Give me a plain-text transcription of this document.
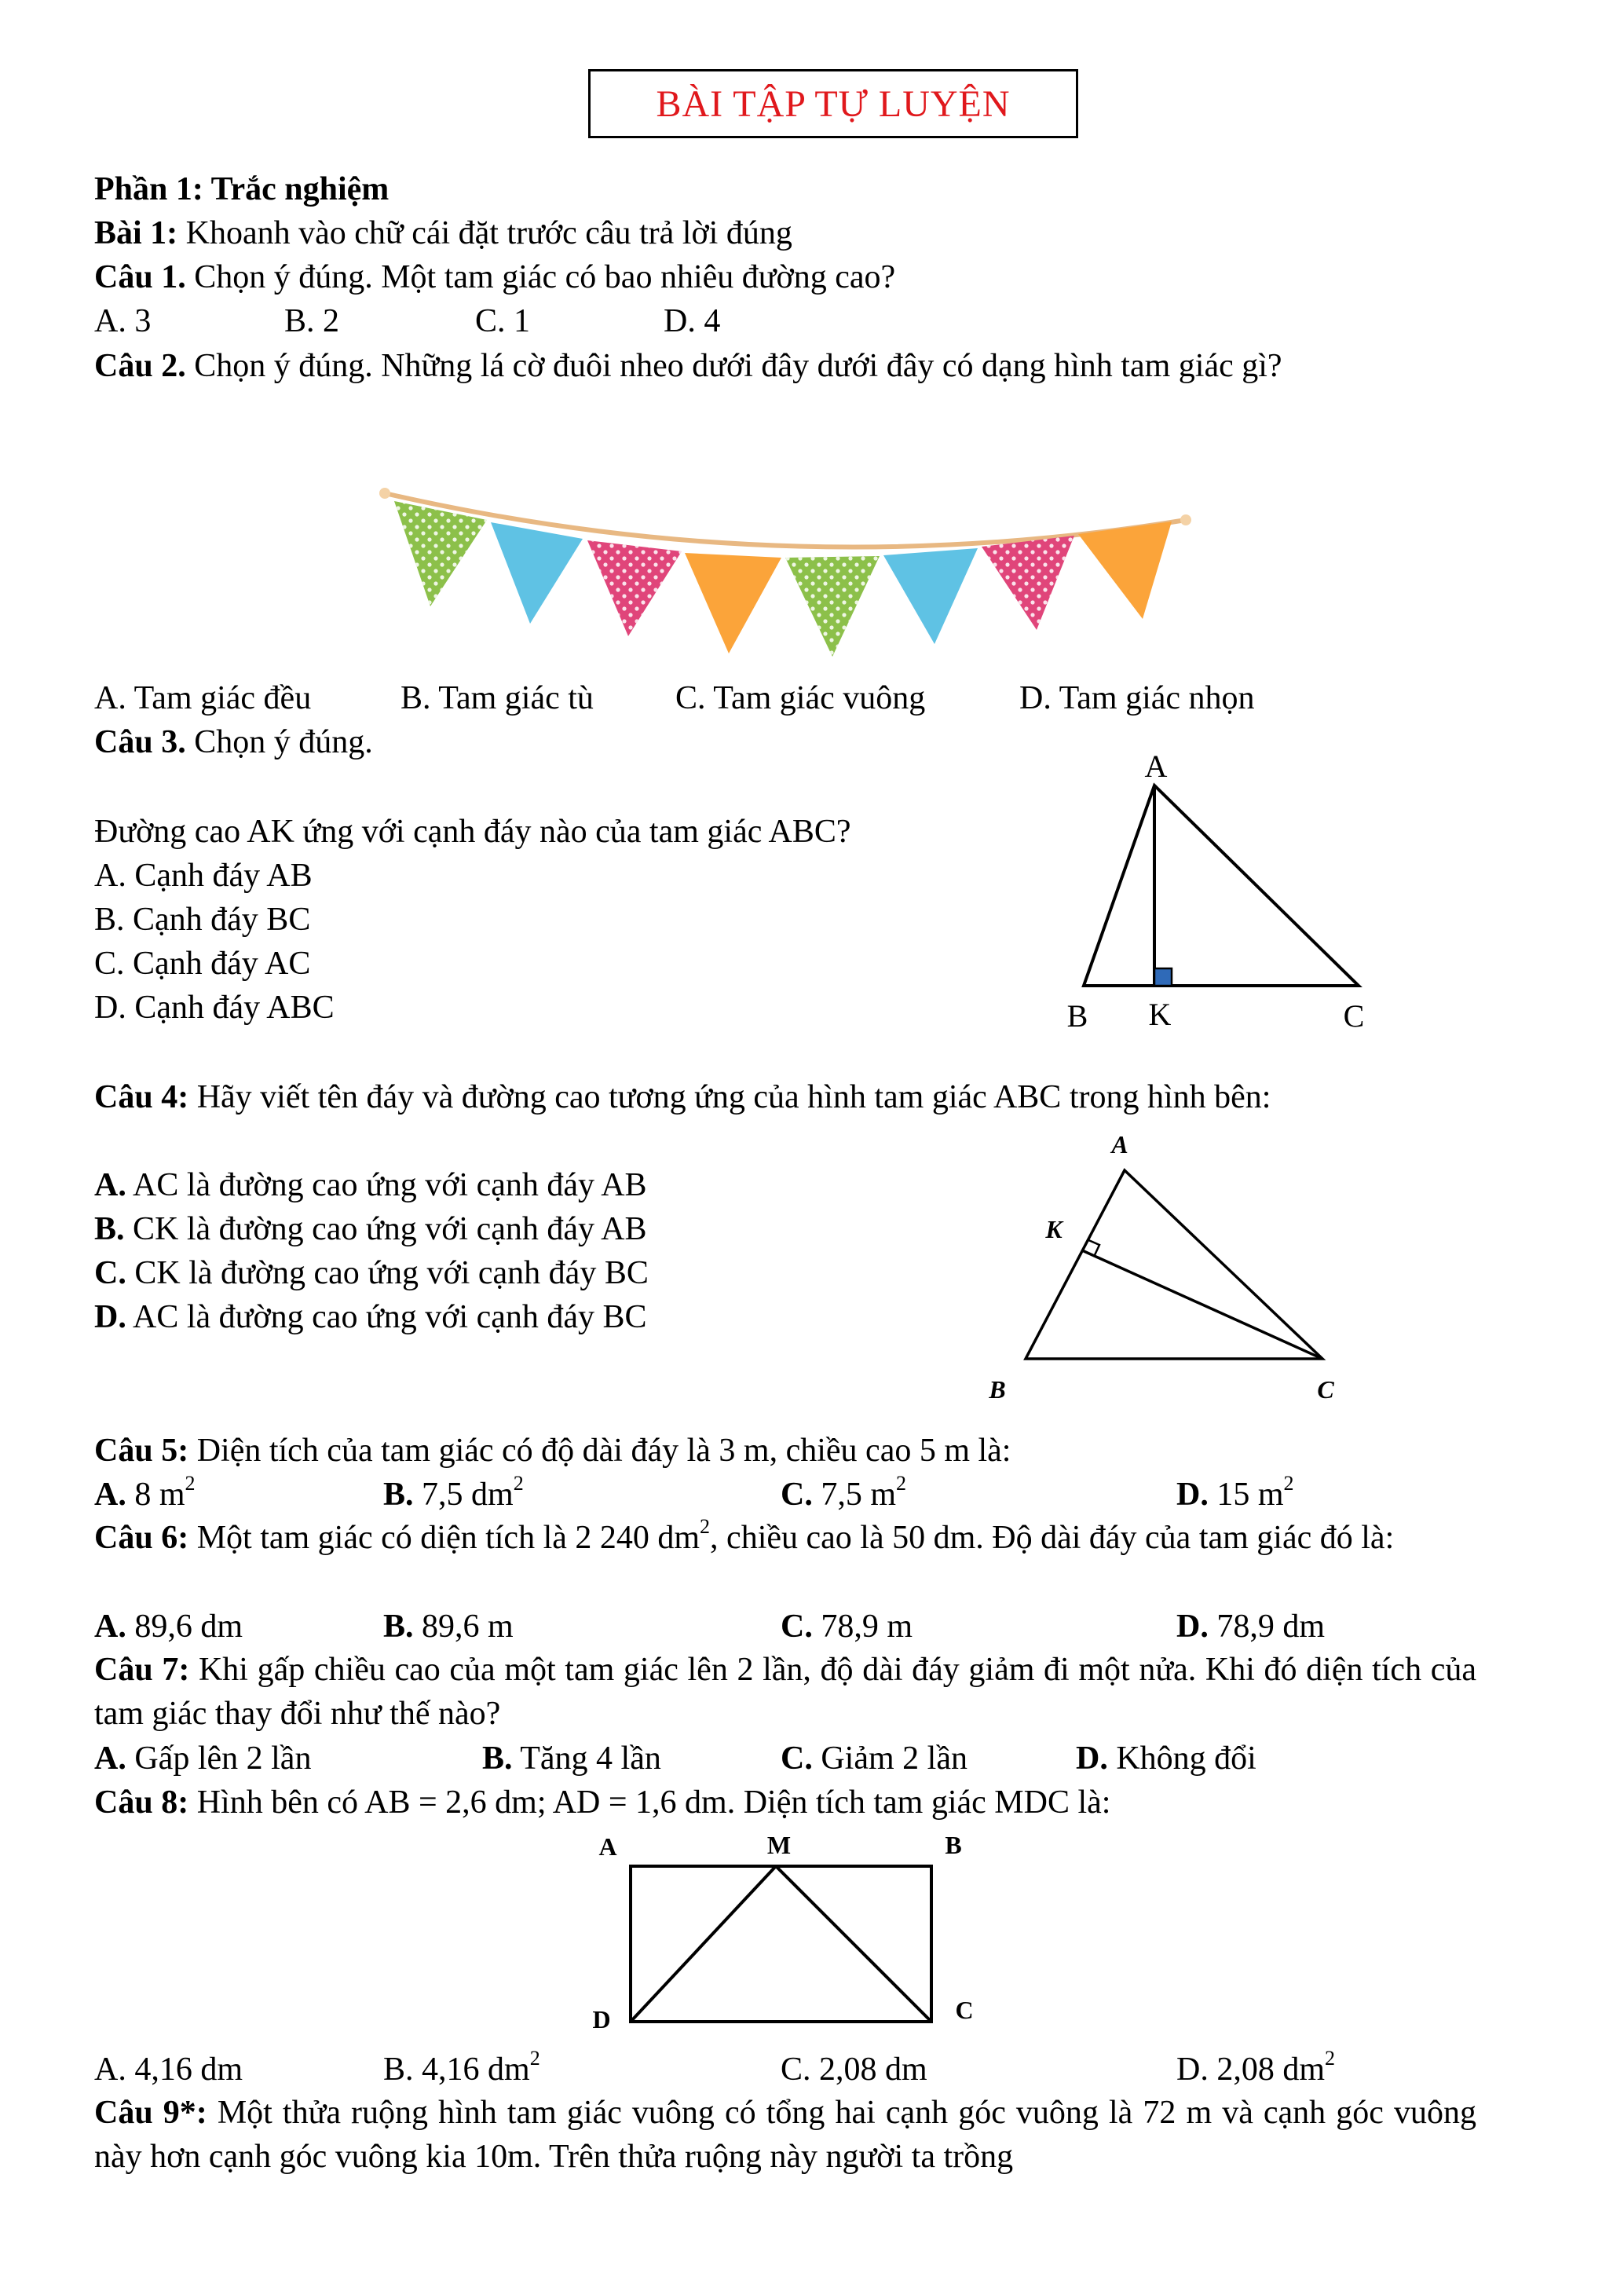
BÀI TẬP TỰ LUYỆN
Phần 1: Trắc nghiệm
Bài 1: Khoanh vào chữ cái đặt trước câu trả lời đúng
Câu 1. Chọn ý đúng. Một tam giác có bao nhiêu đường cao?
A. 3	B. 2	C. 1	D. 4
Câu 2. Chọn ý đúng. Những lá cờ đuôi nheo dưới đây dưới đây có dạng hình tam giác gì?
A. Tam giác đều	B. Tam giác tù C. Tam giác vuông	D. Tam giác nhọn
Câu 3. Chọn ý đúng.
Đường cao AK ứng với cạnh đáy nào của tam giác ABC?
A. Cạnh đáy AB
B. Cạnh đáy BC
C. Cạnh đáy AC
D. Cạnh đáy ABC
A
B K	C
Câu 4: Hãy viết tên đáy và đường cao tương ứng của hình tam giác ABC trong hình bên:
A. AC là đường cao ứng với cạnh đáy AB
B. CK là đường cao ứng với cạnh đáy AB
C. CK là đường cao ứng với cạnh đáy BC
D. AC là đường cao ứng với cạnh đáy BC
A
K
B	C
Câu 5: Diện tích của tam giác có độ dài đáy là 3 m, chiều cao 5 m là:
A. 8 $m^2$	B. 7,5 $dm^2$	C. 7,5 $m^2$	D. 15 $m^2$
Câu 6: Một tam giác có diện tích là 2 240 $dm^2$, chiều cao là 50 dm. Độ dài đáy của tam giác đó là:
A. 89,6 dm	B. 89,6 m	C. 78,9 m	D. 78,9 dm
Câu 7: Khi gấp chiều cao của một tam giác lên 2 lần, độ dài đáy giảm đi một nửa. Khi đó diện tích của tam giác thay đổi như thế nào?
A. Gấp lên 2 lần	B. Tăng 4 lần	C. Giảm 2 lần	D. Không đổi
Câu 8: Hình bên có AB = 2,6 dm; AD = 1,6 dm. Diện tích tam giác MDC là:
A	M	B
D	C
A. 4,16 dm	B. 4,16 $dm^2$	C. 2,08 dm	D. 2,08 $dm^2$
Câu 9*: Một thửa ruộng hình tam giác vuông có tổng hai cạnh góc vuông là 72 m và cạnh góc vuông này hơn cạnh góc vuông kia 10m. Trên thửa ruộng này người ta trồng
